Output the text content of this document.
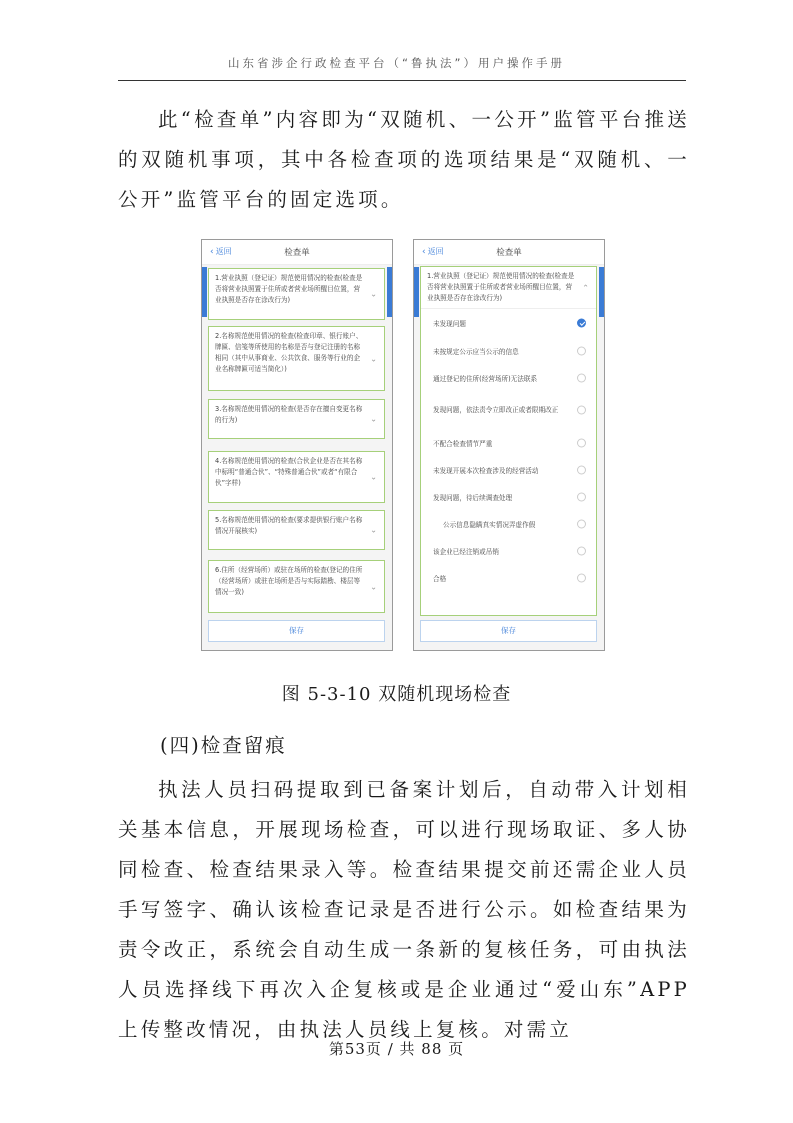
山东省涉企行政检查平台（“鲁执法”）用户操作手册

此“检查单”内容即为“双随机、一公开”监管平台推送的双随机事项，其中各检查项的选项结果是“双随机、一公开”监管平台的固定选项。

‹ 返回	检查单
1.营业执照（登记证）规范使用情况的检查(检查是否将营业执照置于住所或者营业场所醒目位置，营业执照是否存在涂改行为)
⌄
2.名称规范使用情况的检查(检查印章、银行账户、牌匾、信笺等所使用的名称是否与登记注册的名称相同（其中从事商业、公共饮食、服务等行业的企业名称牌匾可适当简化）)
⌄
3.名称规范使用情况的检查(是否存在擅自变更名称的行为)	⌄
4.名称规范使用情况的检查(合伙企业是否在其名称中标明“普通合伙”、“特殊普通合伙”或者“有限合伙”字样)
⌄
5.名称规范使用情况的检查(要求提供银行账户名称情况开展核实)	⌄
6.住所（经营场所）或驻在场所的检查(登记的住所（经营场所）或驻在场所是否与实际踏勘、楼层等情况一致)
⌄
保存
‹ 返回	检查单
1.营业执照（登记证）规范使用情况的检查(检查是否将营业执照置于住所或者营业场所醒目位置，营业执照是否存在涂改行为)
⌃
未发现问题
未按规定公示应当公示的信息
通过登记的住所(经营场所)无法联系
发现问题，依法责令立即改正或者限期改正
不配合检查情节严重
未发现开展本次检查涉及的经营活动
发现问题，待后续调查处理
公示信息隐瞒真实情况弄虚作假
该企业已经注销或吊销
合格
保存
图 5-3-10 双随机现场检查
(四)检查留痕

执法人员扫码提取到已备案计划后，自动带入计划相关基本信息，开展现场检查，可以进行现场取证、多人协同检查、检查结果录入等。检查结果提交前还需企业人员手写签字、确认该检查记录是否进行公示。如检查结果为责令改正，系统会自动生成一条新的复核任务，可由执法人员选择线下再次入企复核或是企业通过“爱山东”APP上传整改情况，由执法人员线上复核。对需立

第53页 / 共 88 页
